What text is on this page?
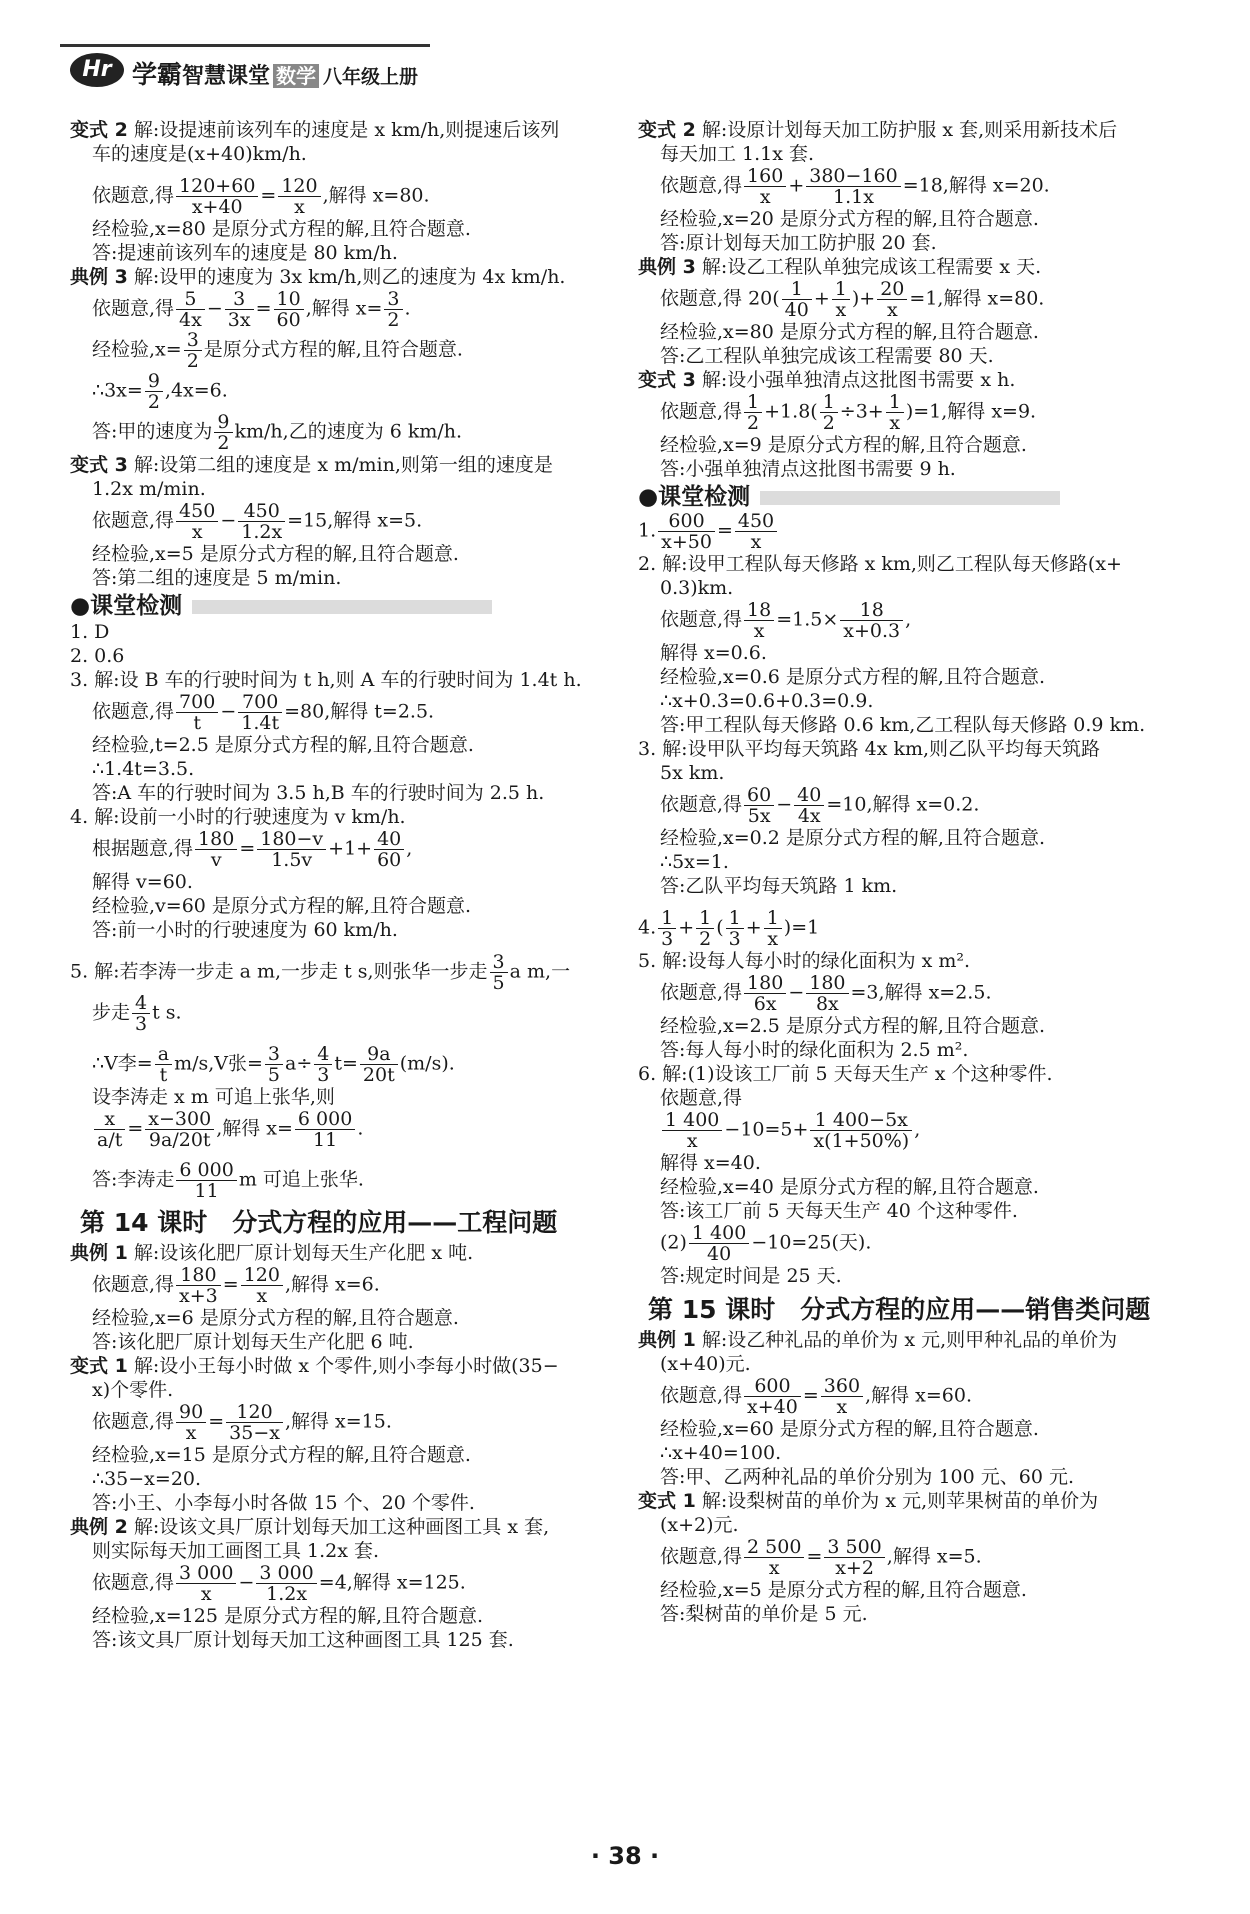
Hr 学霸智慧课堂 数学 八年级上册

变式 2 解:设提速前该列车的速度是 x km/h,则提速后该列

车的速度是(x+40)km/h.

依题意,得 $\frac{120+60}{x+40} = \frac{120}{x}$ ,解得 x=80.

经检验,x=80 是原分式方程的解,且符合题意.

答:提速前该列车的速度是 80 km/h.

典例 3 解:设甲的速度为 3x km/h,则乙的速度为 4x km/h.

依题意,得 $\frac{5}{4x} - \frac{3}{3x} = \frac{10}{60}$ ,解得 $x= \frac{3}{2}$ .

经检验$,x= \frac{3}{2}$ 是原分式方程的解,且符合题意.

∴3x= $\frac{9}{2} ,4x=6$.

答:甲的速度为 $\frac{9}{2} km/h$,乙的速度为 6 km/h.

变式 3 解:设第二组的速度是 x m/min,则第一组的速度是

1.2x m/min.

依题意,得 $\frac{450}{x} - \frac{450}{1.2x} =15$,解得 x=5.

经检验,x=5 是原分式方程的解,且符合题意.

答:第二组的速度是 5 m/min.

●课堂检测

1. D

2. 0.6

3. 解:设 B 车的行驶时间为 t h,则 A 车的行驶时间为 1.4t h.

依题意,得 $\frac{700}{t} - \frac{700}{1.4t} =80$,解得 t=2.5.

经检验,t=2.5 是原分式方程的解,且符合题意.

∴1.4t=3.5.

答:A 车的行驶时间为 3.5 h,B 车的行驶时间为 2.5 h.

4. 解:设前一小时的行驶速度为 v km/h.

根据题意,得 $\frac{180}{v} = \frac{180-v}{1.5v} +1+ \frac{40}{60}$ ,

解得 v=60.

经检验,v=60 是原分式方程的解,且符合题意.

答:前一小时的行驶速度为 60 km/h.

5. 解:若李涛一步走 a m,一步走 t s,则张华一步走 $\frac{3}{5}$ a m,一

步走 $\frac{4}{3}$ t s.

∴V李= $\frac{a}{t} m/s,V$张= $\frac{3}{5} a\div \frac{4}{3} t= \frac{9a}{20t} (m/s)$.

设李涛走 x m 可追上张华,则

$\frac{x}{a/t} = \frac{x-300}{9a/20t}$ ,解得 $x= \frac{6 000}{11}$ .

答:李涛走 $\frac{6 000}{11}$ m 可追上张华.

第 14 课时　分式方程的应用——工程问题

典例 1 解:设该化肥厂原计划每天生产化肥 x 吨.

依题意,得 $\frac{180}{x+3} = \frac{120}{x}$ ,解得 x=6.

经检验,x=6 是原分式方程的解,且符合题意.

答:该化肥厂原计划每天生产化肥 6 吨.

变式 1 解:设小王每小时做 x 个零件,则小李每小时做(35−

x)个零件.

依题意,得 $\frac{90}{x} = \frac{120}{35-x}$ ,解得 x=15.

经检验,x=15 是原分式方程的解,且符合题意.

∴35−x=20.

答:小王、小李每小时各做 15 个、20 个零件.

典例 2 解:设该文具厂原计划每天加工这种画图工具 x 套,

则实际每天加工画图工具 1.2x 套.

依题意,得 $\frac{3 000}{x} - \frac{3 000}{1.2x} =4$,解得 x=125.

经检验,x=125 是原分式方程的解,且符合题意.

答:该文具厂原计划每天加工这种画图工具 125 套.

变式 2 解:设原计划每天加工防护服 x 套,则采用新技术后

每天加工 1.1x 套.

依题意,得 $\frac{160}{x} + \frac{380-160}{1.1x} =18$,解得 x=20.

经检验,x=20 是原分式方程的解,且符合题意.

答:原计划每天加工防护服 20 套.

典例 3 解:设乙工程队单独完成该工程需要 x 天.

依题意,得 $20( \frac{1}{40} + \frac{1}{x}$ )+ $\frac{20}{x} =1$,解得 x=80.

经检验,x=80 是原分式方程的解,且符合题意.

答:乙工程队单独完成该工程需要 80 天.

变式 3 解:设小强单独清点这批图书需要 x h.

依题意,得 $\frac{1}{2} +1.8( \frac{1}{2} \div 3+ \frac{1}{x} )=1$,解得 x=9.

经检验,x=9 是原分式方程的解,且符合题意.

答:小强单独清点这批图书需要 9 h.

●课堂检测

1. $\frac{600}{x+50} = \frac{450}{x}$

2. 解:设甲工程队每天修路 x km,则乙工程队每天修路(x+

0.3)km.

依题意,得 $\frac{18}{x} =1.5\times \frac{18}{x+0.3}$ ,

解得 x=0.6.

经检验,x=0.6 是原分式方程的解,且符合题意.

∴x+0.3=0.6+0.3=0.9.

答:甲工程队每天修路 0.6 km,乙工程队每天修路 0.9 km.

3. 解:设甲队平均每天筑路 4x km,则乙队平均每天筑路

5x km.

依题意,得 $\frac{60}{5x} - \frac{40}{4x} =10$,解得 x=0.2.

经检验,x=0.2 是原分式方程的解,且符合题意.

∴5x=1.

答:乙队平均每天筑路 1 km.

4. $\frac{1}{3} + \frac{1}{2}$ ( $\frac{1}{3} + \frac{1}{x} )=1$

5. 解:设每人每小时的绿化面积为 x m².

依题意,得 $\frac{180}{6x} - \frac{180}{8x} =3$,解得 x=2.5.

经检验,x=2.5 是原分式方程的解,且符合题意.

答:每人每小时的绿化面积为 2.5 m².

6. 解:(1)设该工厂前 5 天每天生产 x 个这种零件.

依题意,得

$\frac{1 400}{x} -10=5+ \frac{1 400-5x}{x(1+50\%)}$ ,

解得 x=40.

经检验,x=40 是原分式方程的解,且符合题意.

答:该工厂前 5 天每天生产 40 个这种零件.

$(2) \frac{1 400}{40} -10=25$(天).

答:规定时间是 25 天.

第 15 课时　分式方程的应用——销售类问题

典例 1 解:设乙种礼品的单价为 x 元,则甲种礼品的单价为

(x+40)元.

依题意,得 $\frac{600}{x+40} = \frac{360}{x}$ ,解得 x=60.

经检验,x=60 是原分式方程的解,且符合题意.

∴x+40=100.

答:甲、乙两种礼品的单价分别为 100 元、60 元.

变式 1 解:设梨树苗的单价为 x 元,则苹果树苗的单价为

(x+2)元.

依题意,得 $\frac{2 500}{x} = \frac{3 500}{x+2}$ ,解得 x=5.

经检验,x=5 是原分式方程的解,且符合题意.

答:梨树苗的单价是 5 元.

· 38 ·
